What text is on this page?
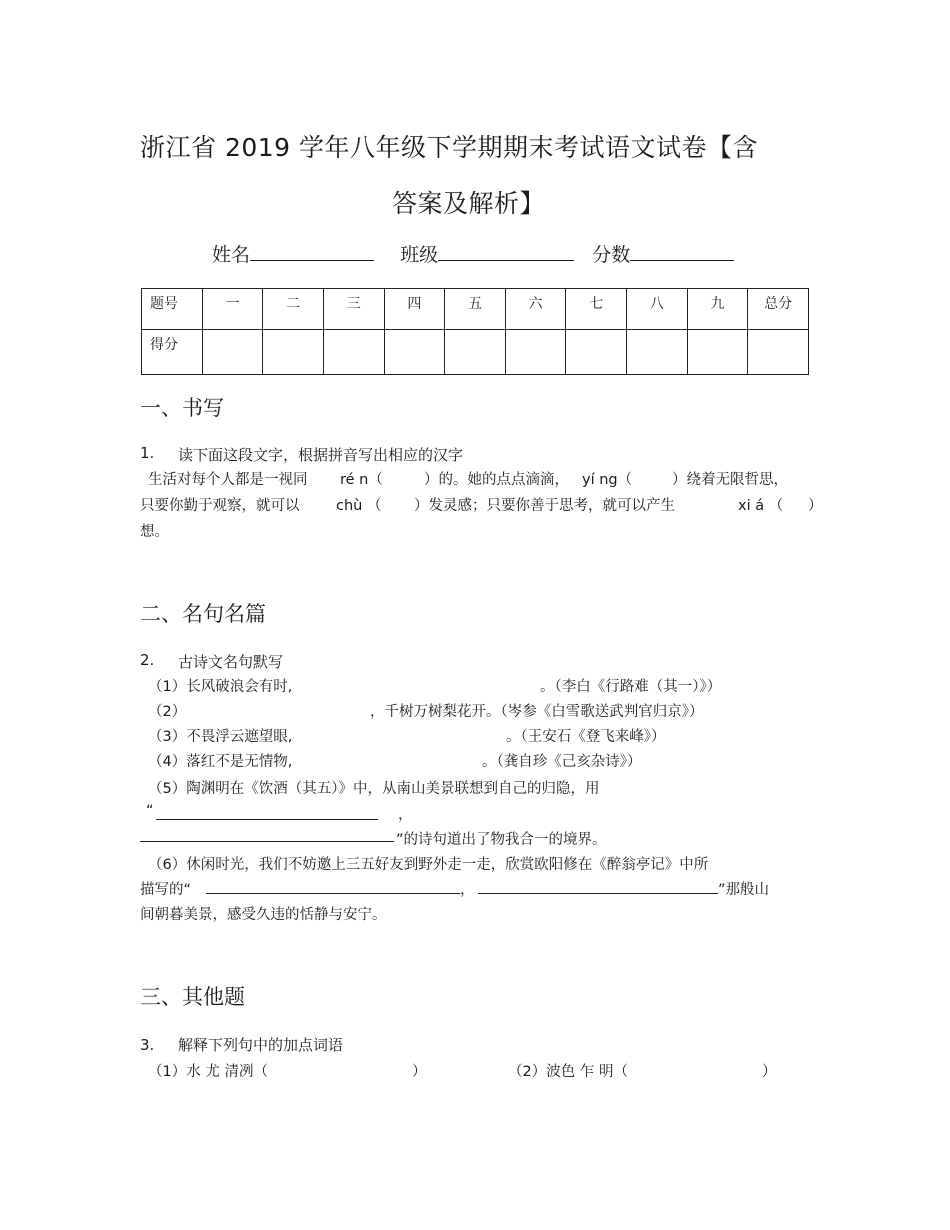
浙江省 2019 学年八年级下学期期末考试语文试卷【含
答案及解析】
姓名	班级	分数
题号	一	二	三	四	五	六	七	八	九	总分
得分										
一、书写
1. 读下面这段文字，根据拼音写出相应的汉字
生活对每个人都是一视同 ré n（	）的。她的点点滴滴， yí ng（	）绕着无限哲思，
只要你勤于观察，就可以	chù （ ）发灵感；只要你善于思考，就可以产生	xi á （ ）
想。
二、名句名篇
2. 古诗文名句默写
（1）长风破浪会有时,	。（李白《行路难（其一）》）
（2）	，千树万树梨花开。（岑参《白雪歌送武判官归京》）
（3）不畏浮云遮望眼,	。（王安石《登飞来峰》）
（4）落红不是无情物,	。（龚自珍《己亥杂诗》）
（5）陶渊明在《饮酒（其五）》中，从南山美景联想到自己的归隐，用
“	，
”的诗句道出了物我合一的境界。
（6）休闲时光，我们不妨邀上三五好友到野外走一走，欣赏欧阳修在《醉翁亭记》中所
描写的“	，	”那般山
间朝暮美景，感受久违的恬静与安宁。
三、其他题
3. 解释下列句中的加点词语
（1）水 尤 清冽（	）	（2）波色 乍 明（	）
